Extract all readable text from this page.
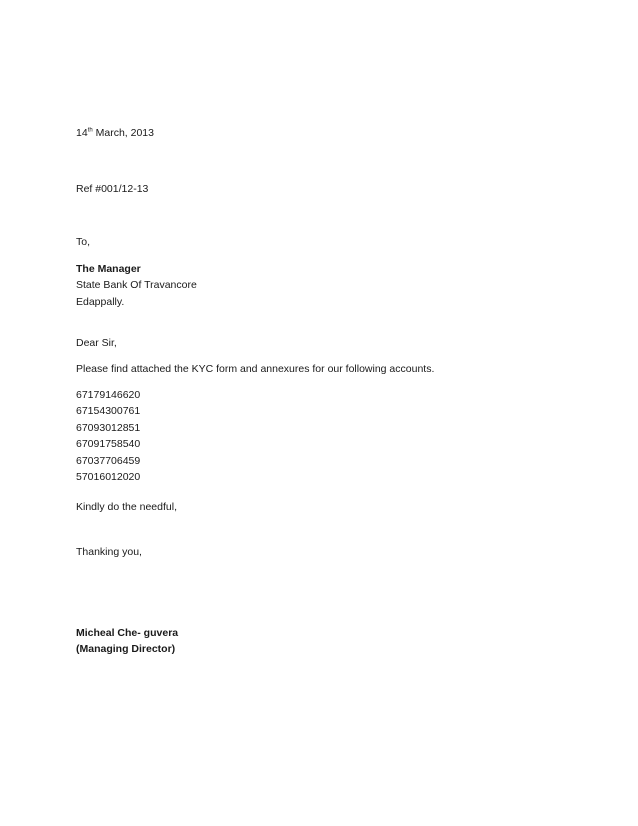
14th March, 2013
Ref #001/12-13
To,
The Manager
State Bank Of Travancore
Edappally.
Dear Sir,
Please find attached the KYC form and annexures for our following accounts.
67179146620
67154300761
67093012851
67091758540
67037706459
57016012020
Kindly do the needful,
Thanking you,
Micheal Che- guvera
(Managing Director)
